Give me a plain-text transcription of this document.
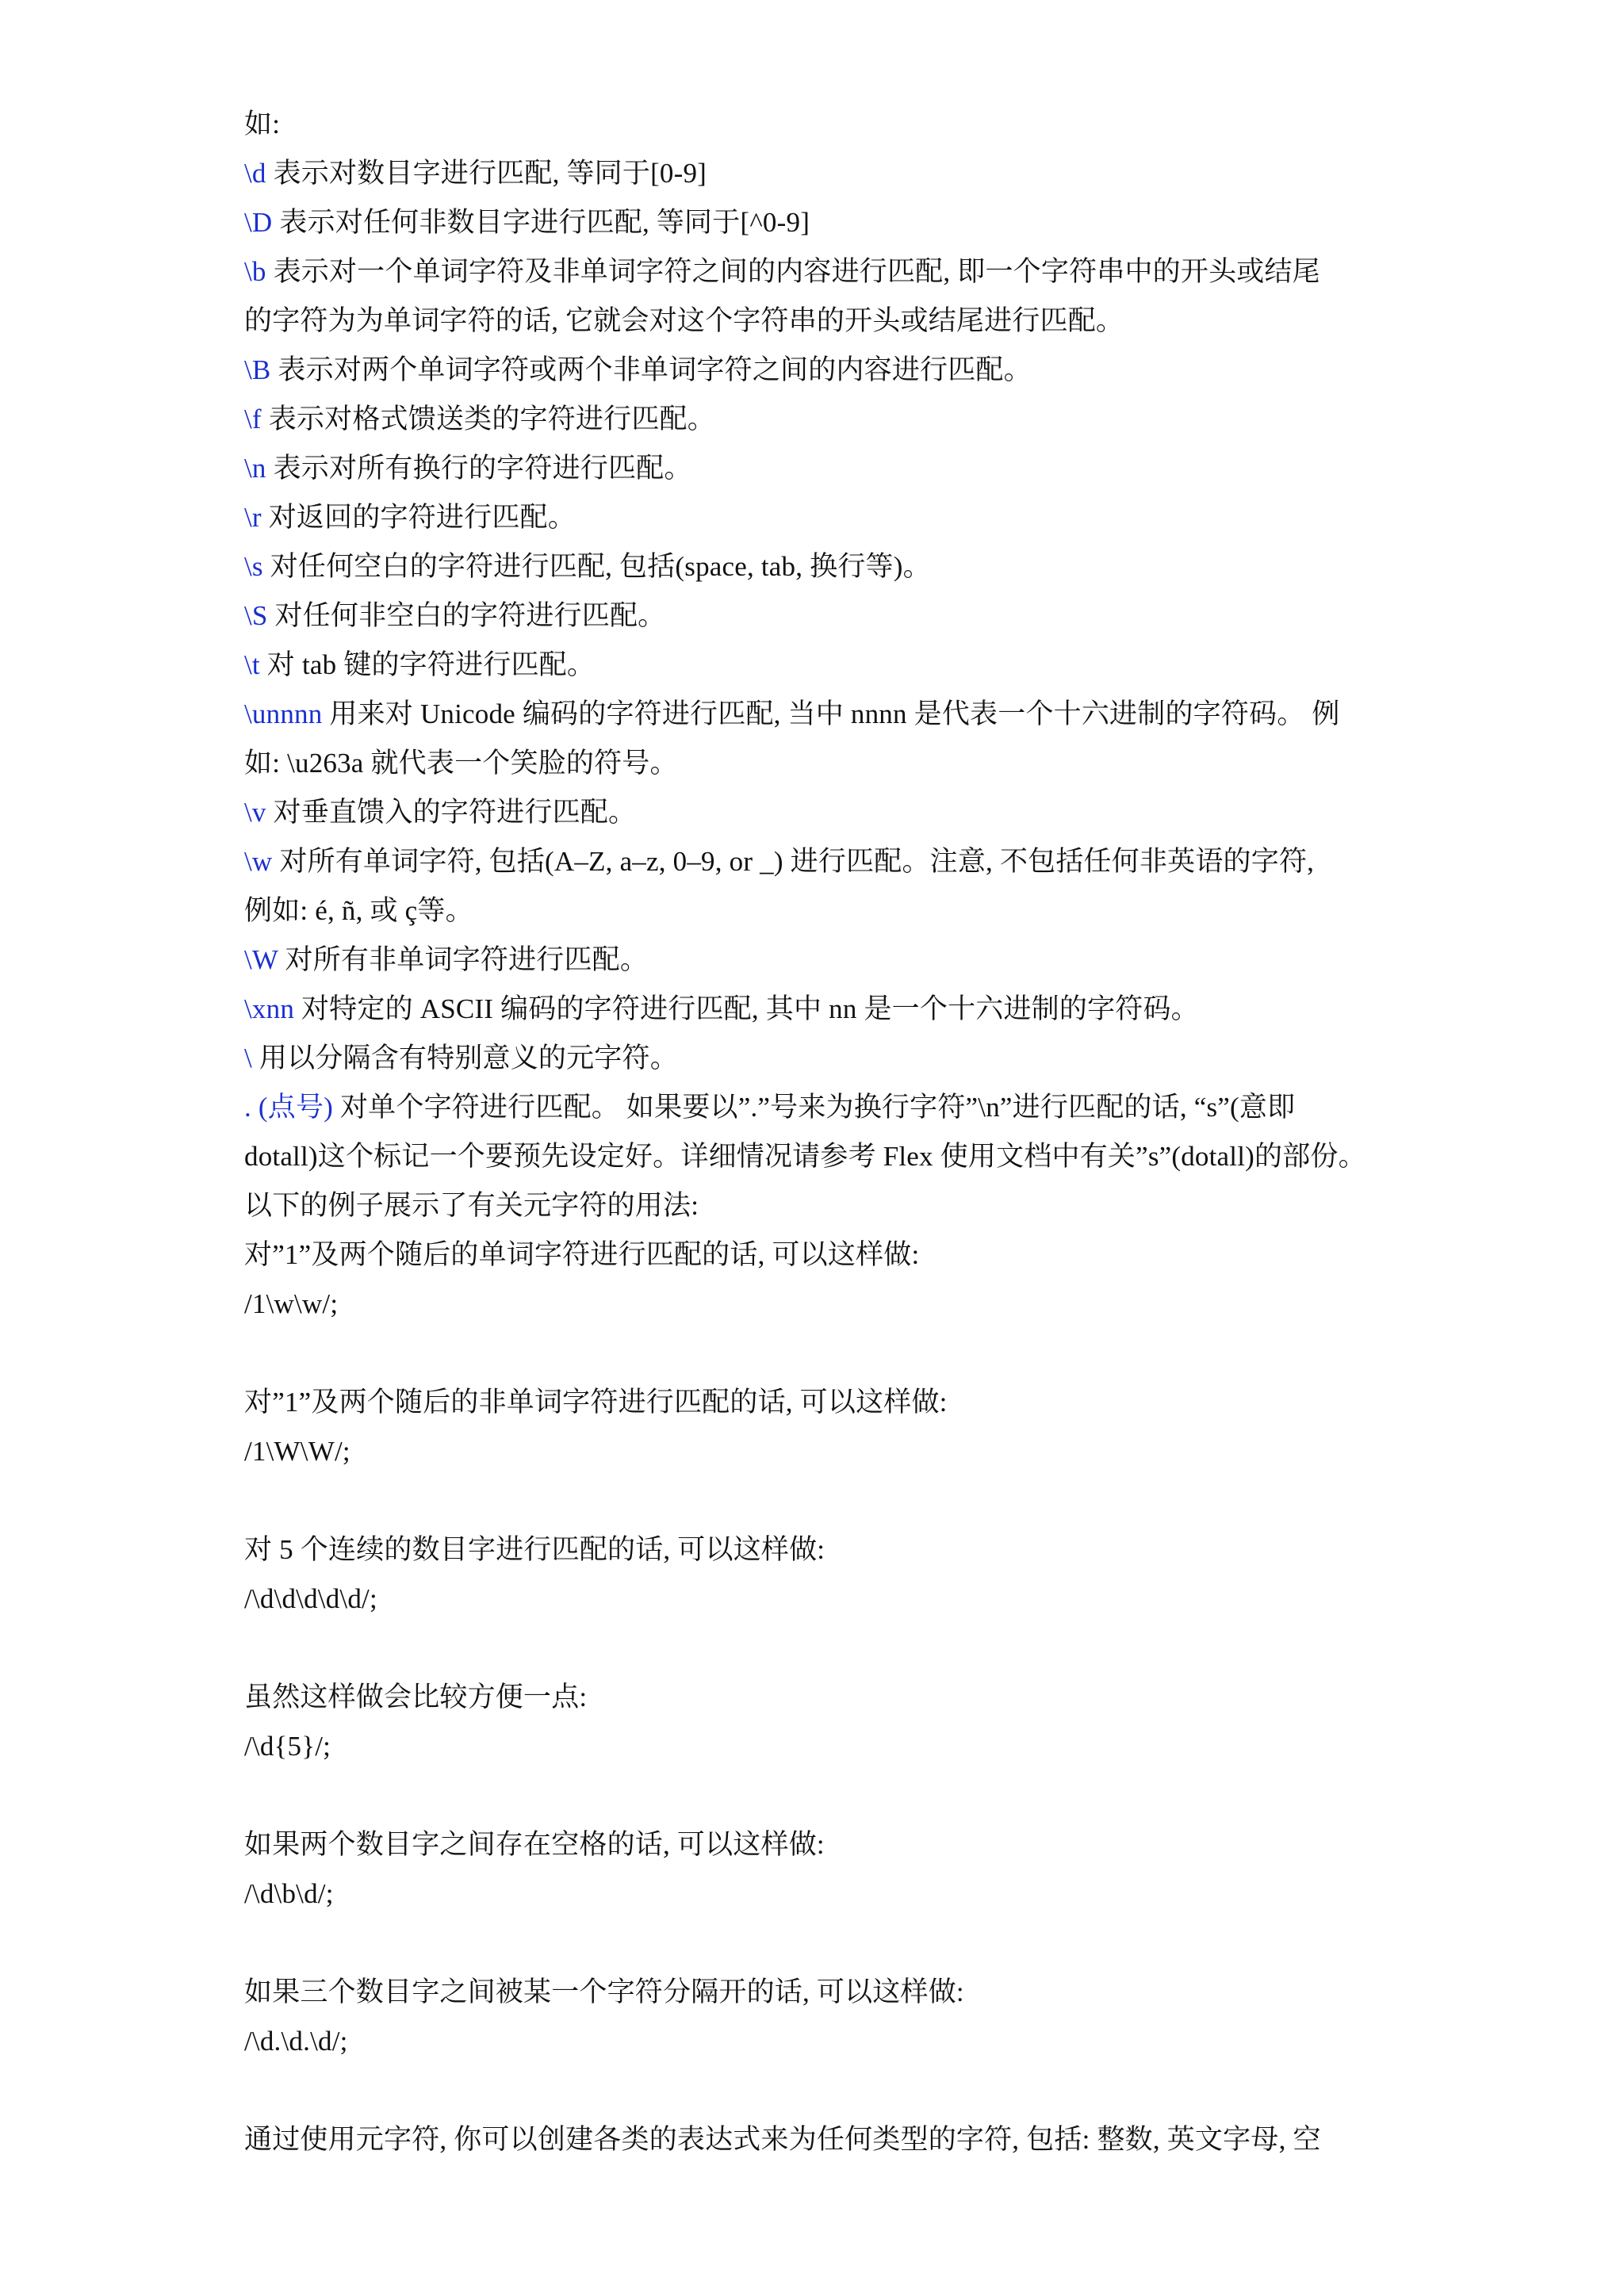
如:
\d 表示对数目字进行匹配, 等同于[0-9]
\D 表示对任何非数目字进行匹配, 等同于[^0-9]
\b 表示对一个单词字符及非单词字符之间的内容进行匹配, 即一个字符串中的开头或结尾
的字符为为单词字符的话, 它就会对这个字符串的开头或结尾进行匹配。
\B 表示对两个单词字符或两个非单词字符之间的内容进行匹配。
\f 表示对格式馈送类的字符进行匹配。
\n 表示对所有换行的字符进行匹配。
\r 对返回的字符进行匹配。
\s 对任何空白的字符进行匹配, 包括(space, tab, 换行等)。
\S 对任何非空白的字符进行匹配。
\t 对 tab 键的字符进行匹配。
\unnnn 用来对 Unicode 编码的字符进行匹配, 当中 nnnn 是代表一个十六进制的字符码。 例
如: \u263a 就代表一个笑脸的符号。
\v 对垂直馈入的字符进行匹配。
\w 对所有单词字符, 包括(A–Z, a–z, 0–9, or _) 进行匹配。注意, 不包括任何非英语的字符,
例如: é, ñ, 或 ç等。
\W 对所有非单词字符进行匹配。
\xnn 对特定的 ASCII 编码的字符进行匹配, 其中 nn 是一个十六进制的字符码。
\ 用以分隔含有特别意义的元字符。
. (点号) 对单个字符进行匹配。 如果要以”.”号来为换行字符”\n”进行匹配的话, “s”(意即
dotall)这个标记一个要预先设定好。详细情况请参考 Flex 使用文档中有关”s”(dotall)的部份。
以下的例子展示了有关元字符的用法:
对”1”及两个随后的单词字符进行匹配的话, 可以这样做:
/1\w\w/;
对”1”及两个随后的非单词字符进行匹配的话, 可以这样做:
/1\W\W/;
对 5 个连续的数目字进行匹配的话, 可以这样做:
/\d\d\d\d\d/;
虽然这样做会比较方便一点:
/\d{5}/;
如果两个数目字之间存在空格的话, 可以这样做:
/\d\b\d/;
如果三个数目字之间被某一个字符分隔开的话, 可以这样做:
/\d.\d.\d/;
通过使用元字符, 你可以创建各类的表达式来为任何类型的字符, 包括: 整数, 英文字母, 空
